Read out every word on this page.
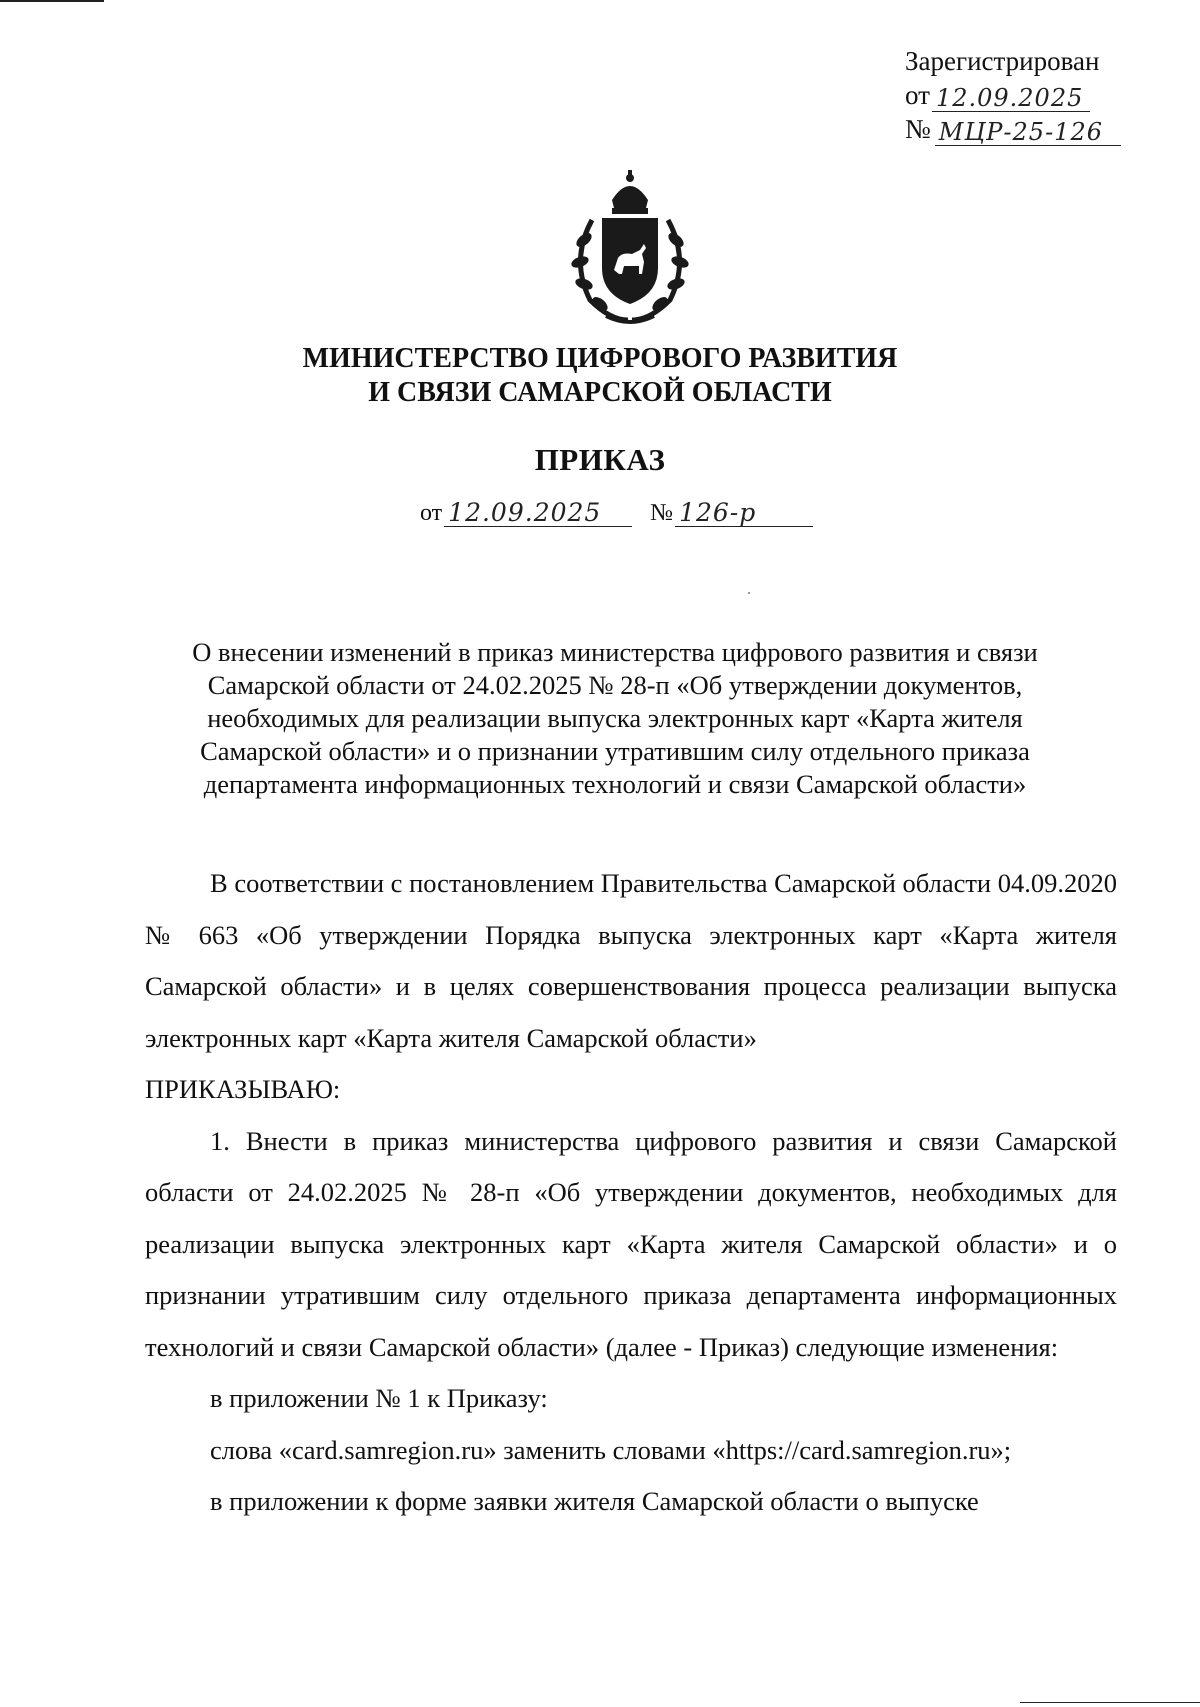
Зарегистрирован
от 12.09.2025
№ МЦР-25-126

МИНИСТЕРСТВО ЦИФРОВОГО РАЗВИТИЯ
И СВЯЗИ САМАРСКОЙ ОБЛАСТИ

ПРИКАЗ

от 12.09.2025	№ 126-р

О внесении изменений в приказ министерства цифрового развития и связи Самарской области от 24.02.2025 № 28-п «Об утверждении документов, необходимых для реализации выпуска электронных карт «Карта жителя Самарской области» и о признании утратившим силу отдельного приказа департамента информационных технологий и связи Самарской области»

В соответствии с постановлением Правительства Самарской области 04.09.2020 № 663 «Об утверждении Порядка выпуска электронных карт «Карта жителя Самарской области» и в целях совершенствования процесса реализации выпуска электронных карт «Карта жителя Самарской области»

ПРИКАЗЫВАЮ:

1. Внести в приказ министерства цифрового развития и связи Самарской области от 24.02.2025 № 28-п «Об утверждении документов, необходимых для реализации выпуска электронных карт «Карта жителя Самарской области» и о признании утратившим силу отдельного приказа департамента информационных технологий и связи Самарской области» (далее - Приказ) следующие изменения:

в приложении № 1 к Приказу:

слова «card.samregion.ru» заменить словами «https://card.samregion.ru»;

в приложении к форме заявки жителя Самарской области о выпуске
